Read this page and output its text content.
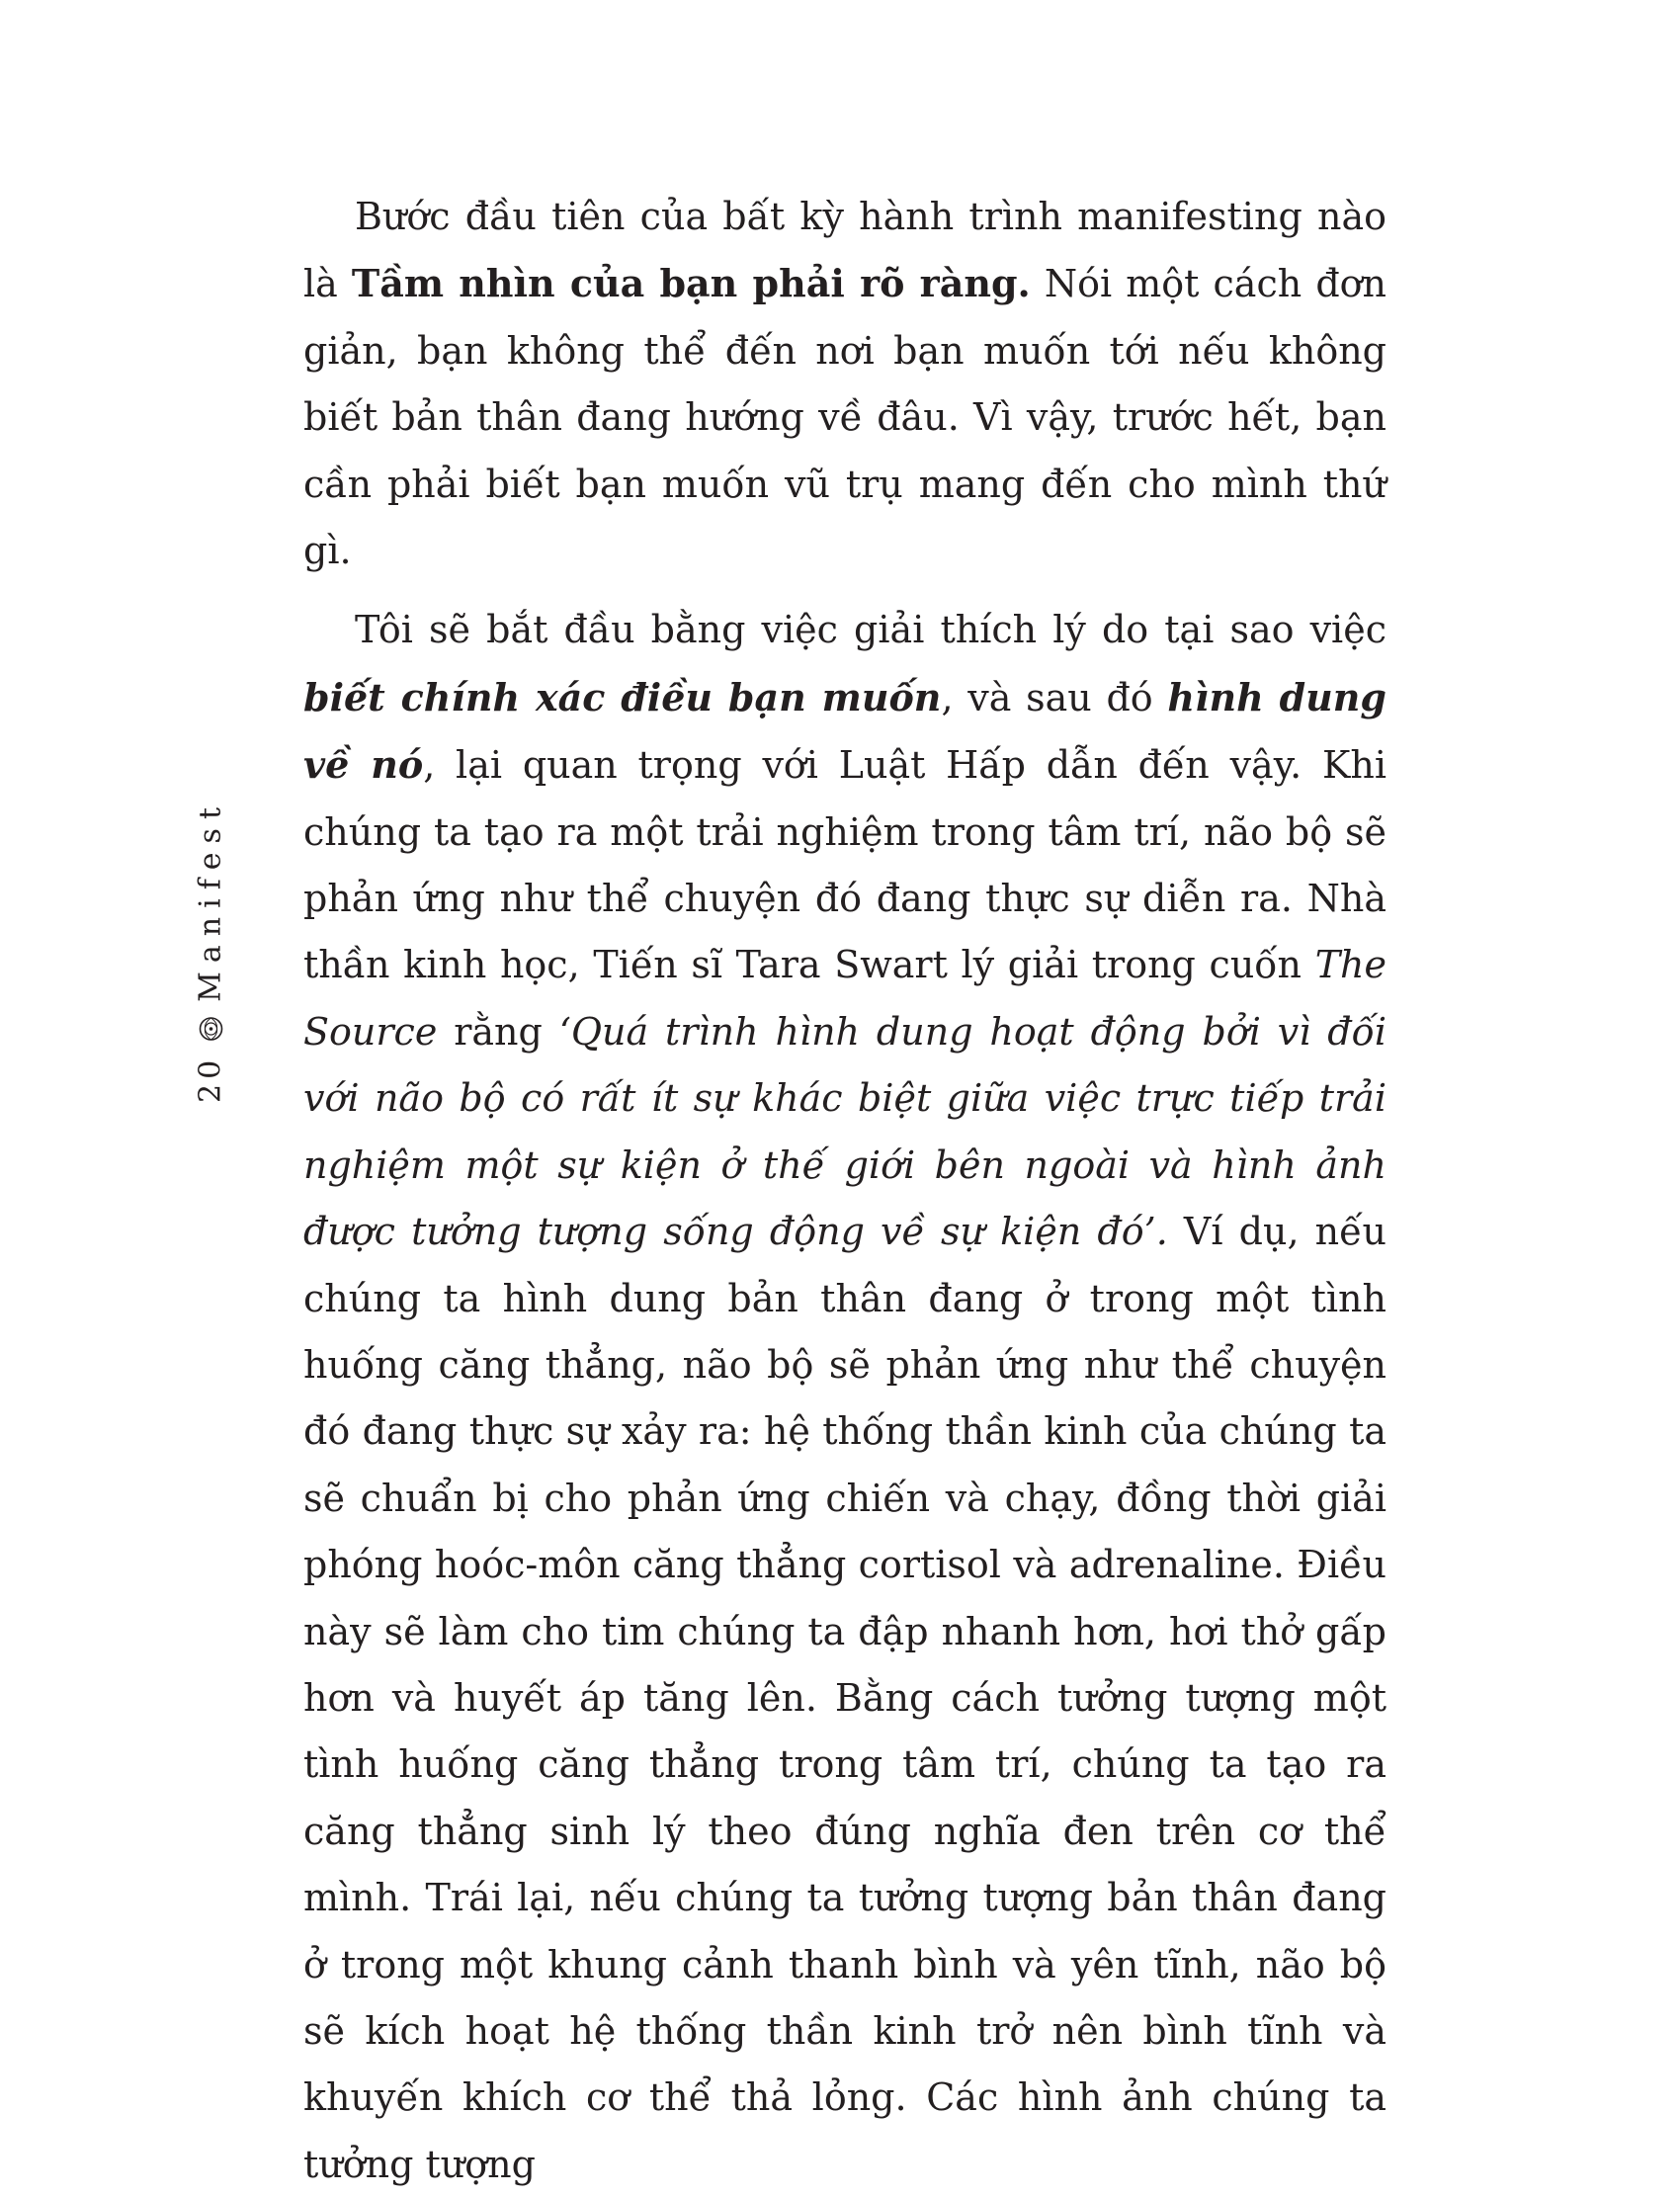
20
Manifest

Bước đầu tiên của bất kỳ hành trình manifesting nào là Tầm nhìn của bạn phải rõ ràng. Nói một cách đơn giản, bạn không thể đến nơi bạn muốn tới nếu không biết bản thân đang hướng về đâu. Vì vậy, trước hết, bạn cần phải biết bạn muốn vũ trụ mang đến cho mình thứ gì.

Tôi sẽ bắt đầu bằng việc giải thích lý do tại sao việc biết chính xác điều bạn muốn, và sau đó hình dung về nó, lại quan trọng với Luật Hấp dẫn đến vậy. Khi chúng ta tạo ra một trải nghiệm trong tâm trí, não bộ sẽ phản ứng như thể chuyện đó đang thực sự diễn ra. Nhà thần kinh học, Tiến sĩ Tara Swart lý giải trong cuốn The Source rằng ‘Quá trình hình dung hoạt động bởi vì đối với não bộ có rất ít sự khác biệt giữa việc trực tiếp trải nghiệm một sự kiện ở thế giới bên ngoài và hình ảnh được tưởng tượng sống động về sự kiện đó’. Ví dụ, nếu chúng ta hình dung bản thân đang ở trong một tình huống căng thẳng, não bộ sẽ phản ứng như thể chuyện đó đang thực sự xảy ra: hệ thống thần kinh của chúng ta sẽ chuẩn bị cho phản ứng chiến và chạy, đồng thời giải phóng hoóc-môn căng thẳng cortisol và adrenaline. Điều này sẽ làm cho tim chúng ta đập nhanh hơn, hơi thở gấp hơn và huyết áp tăng lên. Bằng cách tưởng tượng một tình huống căng thẳng trong tâm trí, chúng ta tạo ra căng thẳng sinh lý theo đúng nghĩa đen trên cơ thể mình. Trái lại, nếu chúng ta tưởng tượng bản thân đang ở trong một khung cảnh thanh bình và yên tĩnh, não bộ sẽ kích hoạt hệ thống thần kinh trở nên bình tĩnh và khuyến khích cơ thể thả lỏng. Các hình ảnh chúng ta tưởng tượng
